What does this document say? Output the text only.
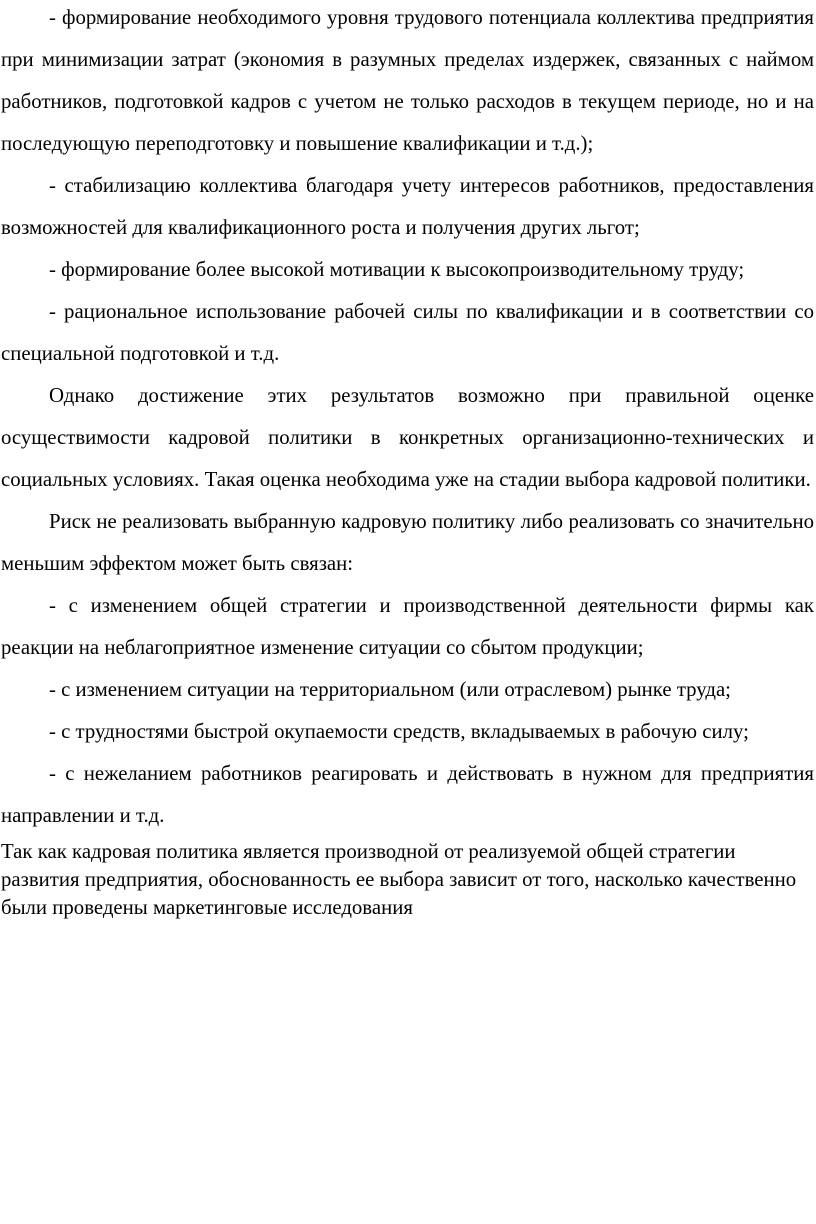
- формирование необходимого уровня трудового потенциала коллектива предприятия при минимизации затрат (экономия в разумных пределах издержек, связанных с наймом работников, подготовкой кадров с учетом не только расходов в текущем периоде, но и на последующую переподготовку и повышение квалификации и т.д.);

- стабилизацию коллектива благодаря учету интересов работников, предоставления возможностей для квалификационного роста и получения других льгот;

- формирование более высокой мотивации к высокопроизводительному труду;

- рациональное использование рабочей силы по квалификации и в соответствии со специальной подготовкой и т.д.

Однако достижение этих результатов возможно при правильной оценке осуществимости кадровой политики в конкретных организационно-технических и социальных условиях. Такая оценка необходима уже на стадии выбора кадровой политики.

Риск не реализовать выбранную кадровую политику либо реализовать со значительно меньшим эффектом может быть связан:

- с изменением общей стратегии и производственной деятельности фирмы как реакции на неблагоприятное изменение ситуации со сбытом продукции;

- с изменением ситуации на территориальном (или отраслевом) рынке труда;

- с трудностями быстрой окупаемости средств, вкладываемых в рабочую силу;

- с нежеланием работников реагировать и действовать в нужном для предприятия направлении и т.д.

Так как кадровая политика является производной от реализуемой общей стратегии развития предприятия, обоснованность ее выбора зависит от того, насколько качественно были проведены маркетинговые исследования
